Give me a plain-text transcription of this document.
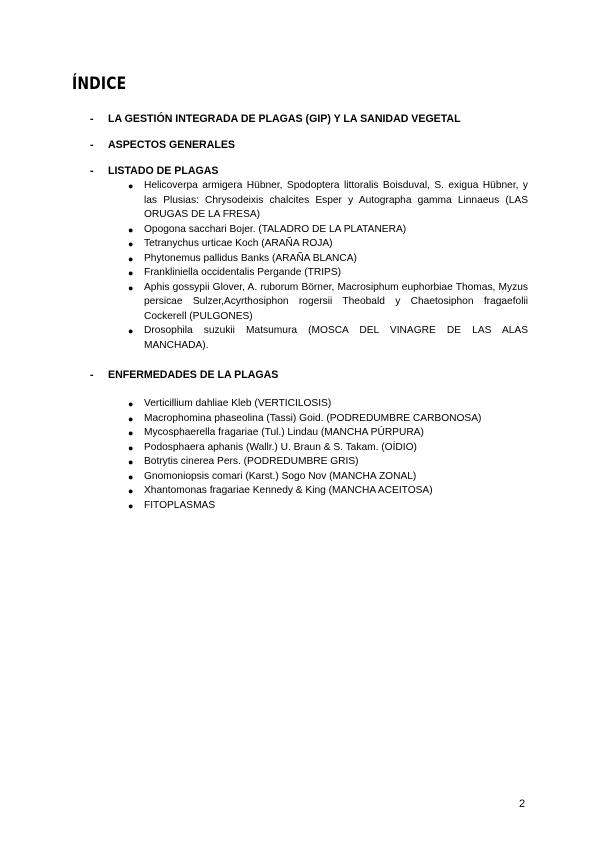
ÍNDICE
-	LA GESTIÓN INTEGRADA DE PLAGAS (GIP) Y LA SANIDAD VEGETAL
-	ASPECTOS GENERALES
-	LISTADO DE PLAGAS
● Helicoverpa armigera Hübner, Spodoptera littoralis Boisduval, S. exigua Hübner, y las Plusias: Chrysodeixis chalcites Esper y Autographa gamma Linnaeus (LAS ORUGAS DE LA FRESA)
● Opogona sacchari Bojer. (TALADRO DE LA PLATANERA)
● Tetranychus urticae Koch (ARAÑA ROJA)
● Phytonemus pallidus Banks (ARAÑA BLANCA)
● Frankliniella occidentalis Pergande (TRIPS)
● Aphis gossypii Glover, A. ruborum Börner, Macrosiphum euphorbiae Thomas, Myzus persicae Sulzer,Acyrthosiphon rogersii Theobald y Chaetosiphon fragaefolii Cockerell (PULGONES)
● Drosophila suzukii Matsumura (MOSCA DEL VINAGRE DE LAS ALAS MANCHADA).
-	ENFERMEDADES DE LA PLAGAS
● Verticillium dahliae Kleb (VERTICILOSIS)
● Macrophomina phaseolina (Tassi) Goid. (PODREDUMBRE CARBONOSA)
● Mycosphaerella fragariae (Tul.) Lindau (MANCHA PÚRPURA)
● Podosphaera aphanis (Wallr.) U. Braun & S. Takam. (OÍDIO)
● Botrytis cinerea Pers. (PODREDUMBRE GRIS)
● Gnomoniopsis comari (Karst.) Sogo Nov (MANCHA ZONAL)
● Xhantomonas fragariae Kennedy & King (MANCHA ACEITOSA)
● FITOPLASMAS
2
